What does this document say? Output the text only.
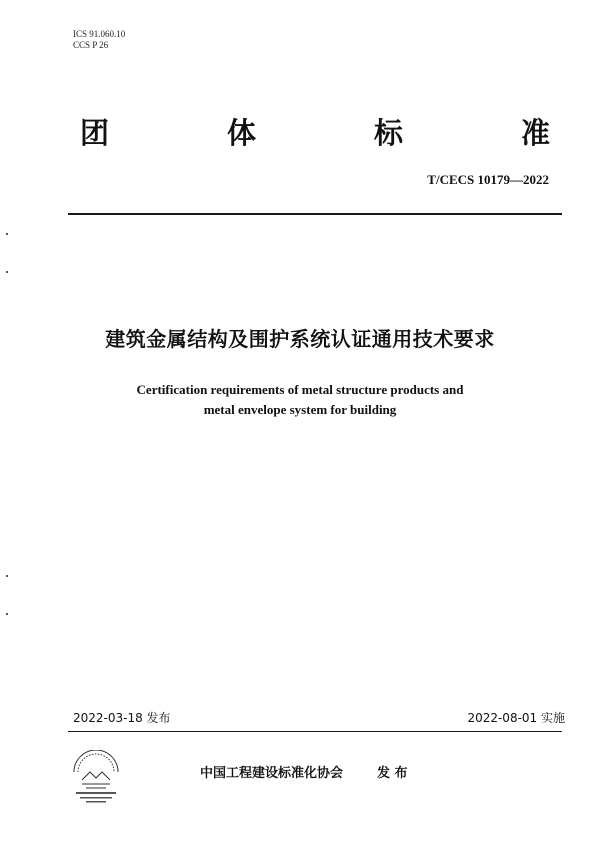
ICS 91.060.10
CCS P 26
团	体	标	准
T/CECS 10179—2022
建筑金属结构及围护系统认证通用技术要求
Certification requirements of metal structure products and
metal envelope system for building
2022-03-18 发布	2022-08-01 实施
中国工程建设标准化协会	发 布
